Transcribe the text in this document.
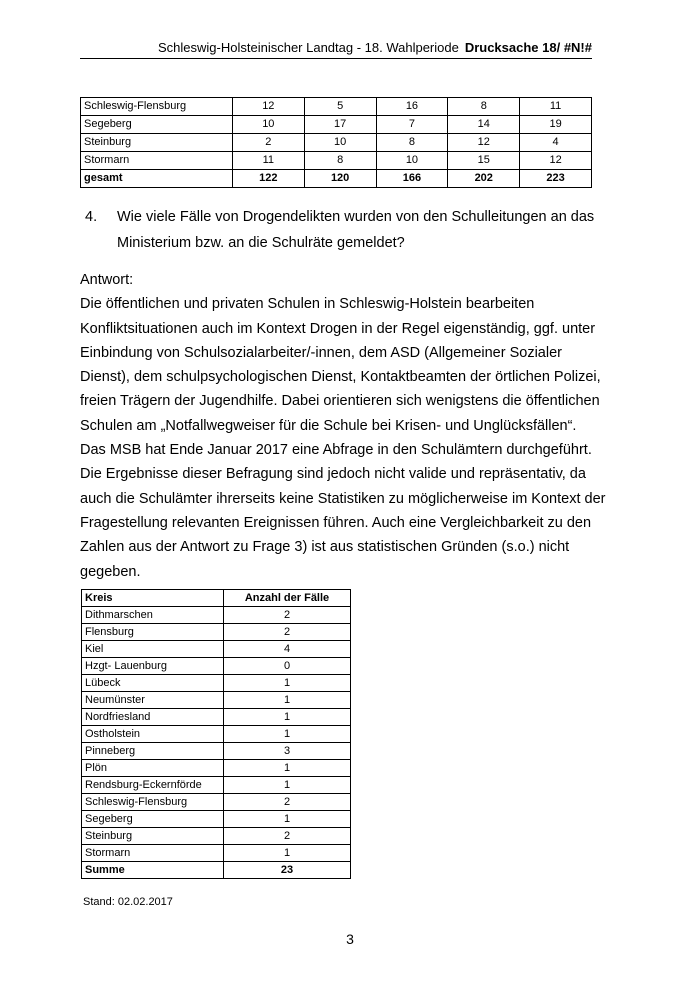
Schleswig-Holsteinischer Landtag - 18. Wahlperiode Drucksache 18/ #N!#
Schleswig-Flensburg	12	5	16	8	11
Segeberg	10	17	7	14	19
Steinburg	2	10	8	12	4
Stormarn	11	8	10	15	12
gesamt	122	120	166	202	223
4. Wie viele Fälle von Drogendelikten wurden von den Schulleitungen an das Ministerium bzw. an die Schulräte gemeldet?

Antwort:

Die öffentlichen und privaten Schulen in Schleswig-Holstein bearbeiten Konfliktsituationen auch im Kontext Drogen in der Regel eigenständig, ggf. unter Einbindung von Schulsozialarbeiter/-innen, dem ASD (Allgemeiner Sozialer Dienst), dem schulpsychologischen Dienst, Kontaktbeamten der örtlichen Polizei, freien Trägern der Jugendhilfe. Dabei orientieren sich wenigstens die öffentlichen Schulen am „Notfallwegweiser für die Schule bei Krisen- und Unglücksfällen“.

Das MSB hat Ende Januar 2017 eine Abfrage in den Schulämtern durchgeführt. Die Ergebnisse dieser Befragung sind jedoch nicht valide und repräsentativ, da auch die Schulämter ihrerseits keine Statistiken zu möglicherweise im Kontext der Fragestellung relevanten Ereignissen führen. Auch eine Vergleichbarkeit zu den Zahlen aus der Antwort zu Frage 3) ist aus statistischen Gründen (s.o.) nicht gegeben.

Kreis	Anzahl der Fälle
Dithmarschen	2
Flensburg	2
Kiel	4
Hzgt- Lauenburg	0
Lübeck	1
Neumünster	1
Nordfriesland	1
Ostholstein	1
Pinneberg	3
Plön	1
Rendsburg-Eckernförde	1
Schleswig-Flensburg	2
Segeberg	1
Steinburg	2
Stormarn	1
Summe	23
Stand: 02.02.2017
3
